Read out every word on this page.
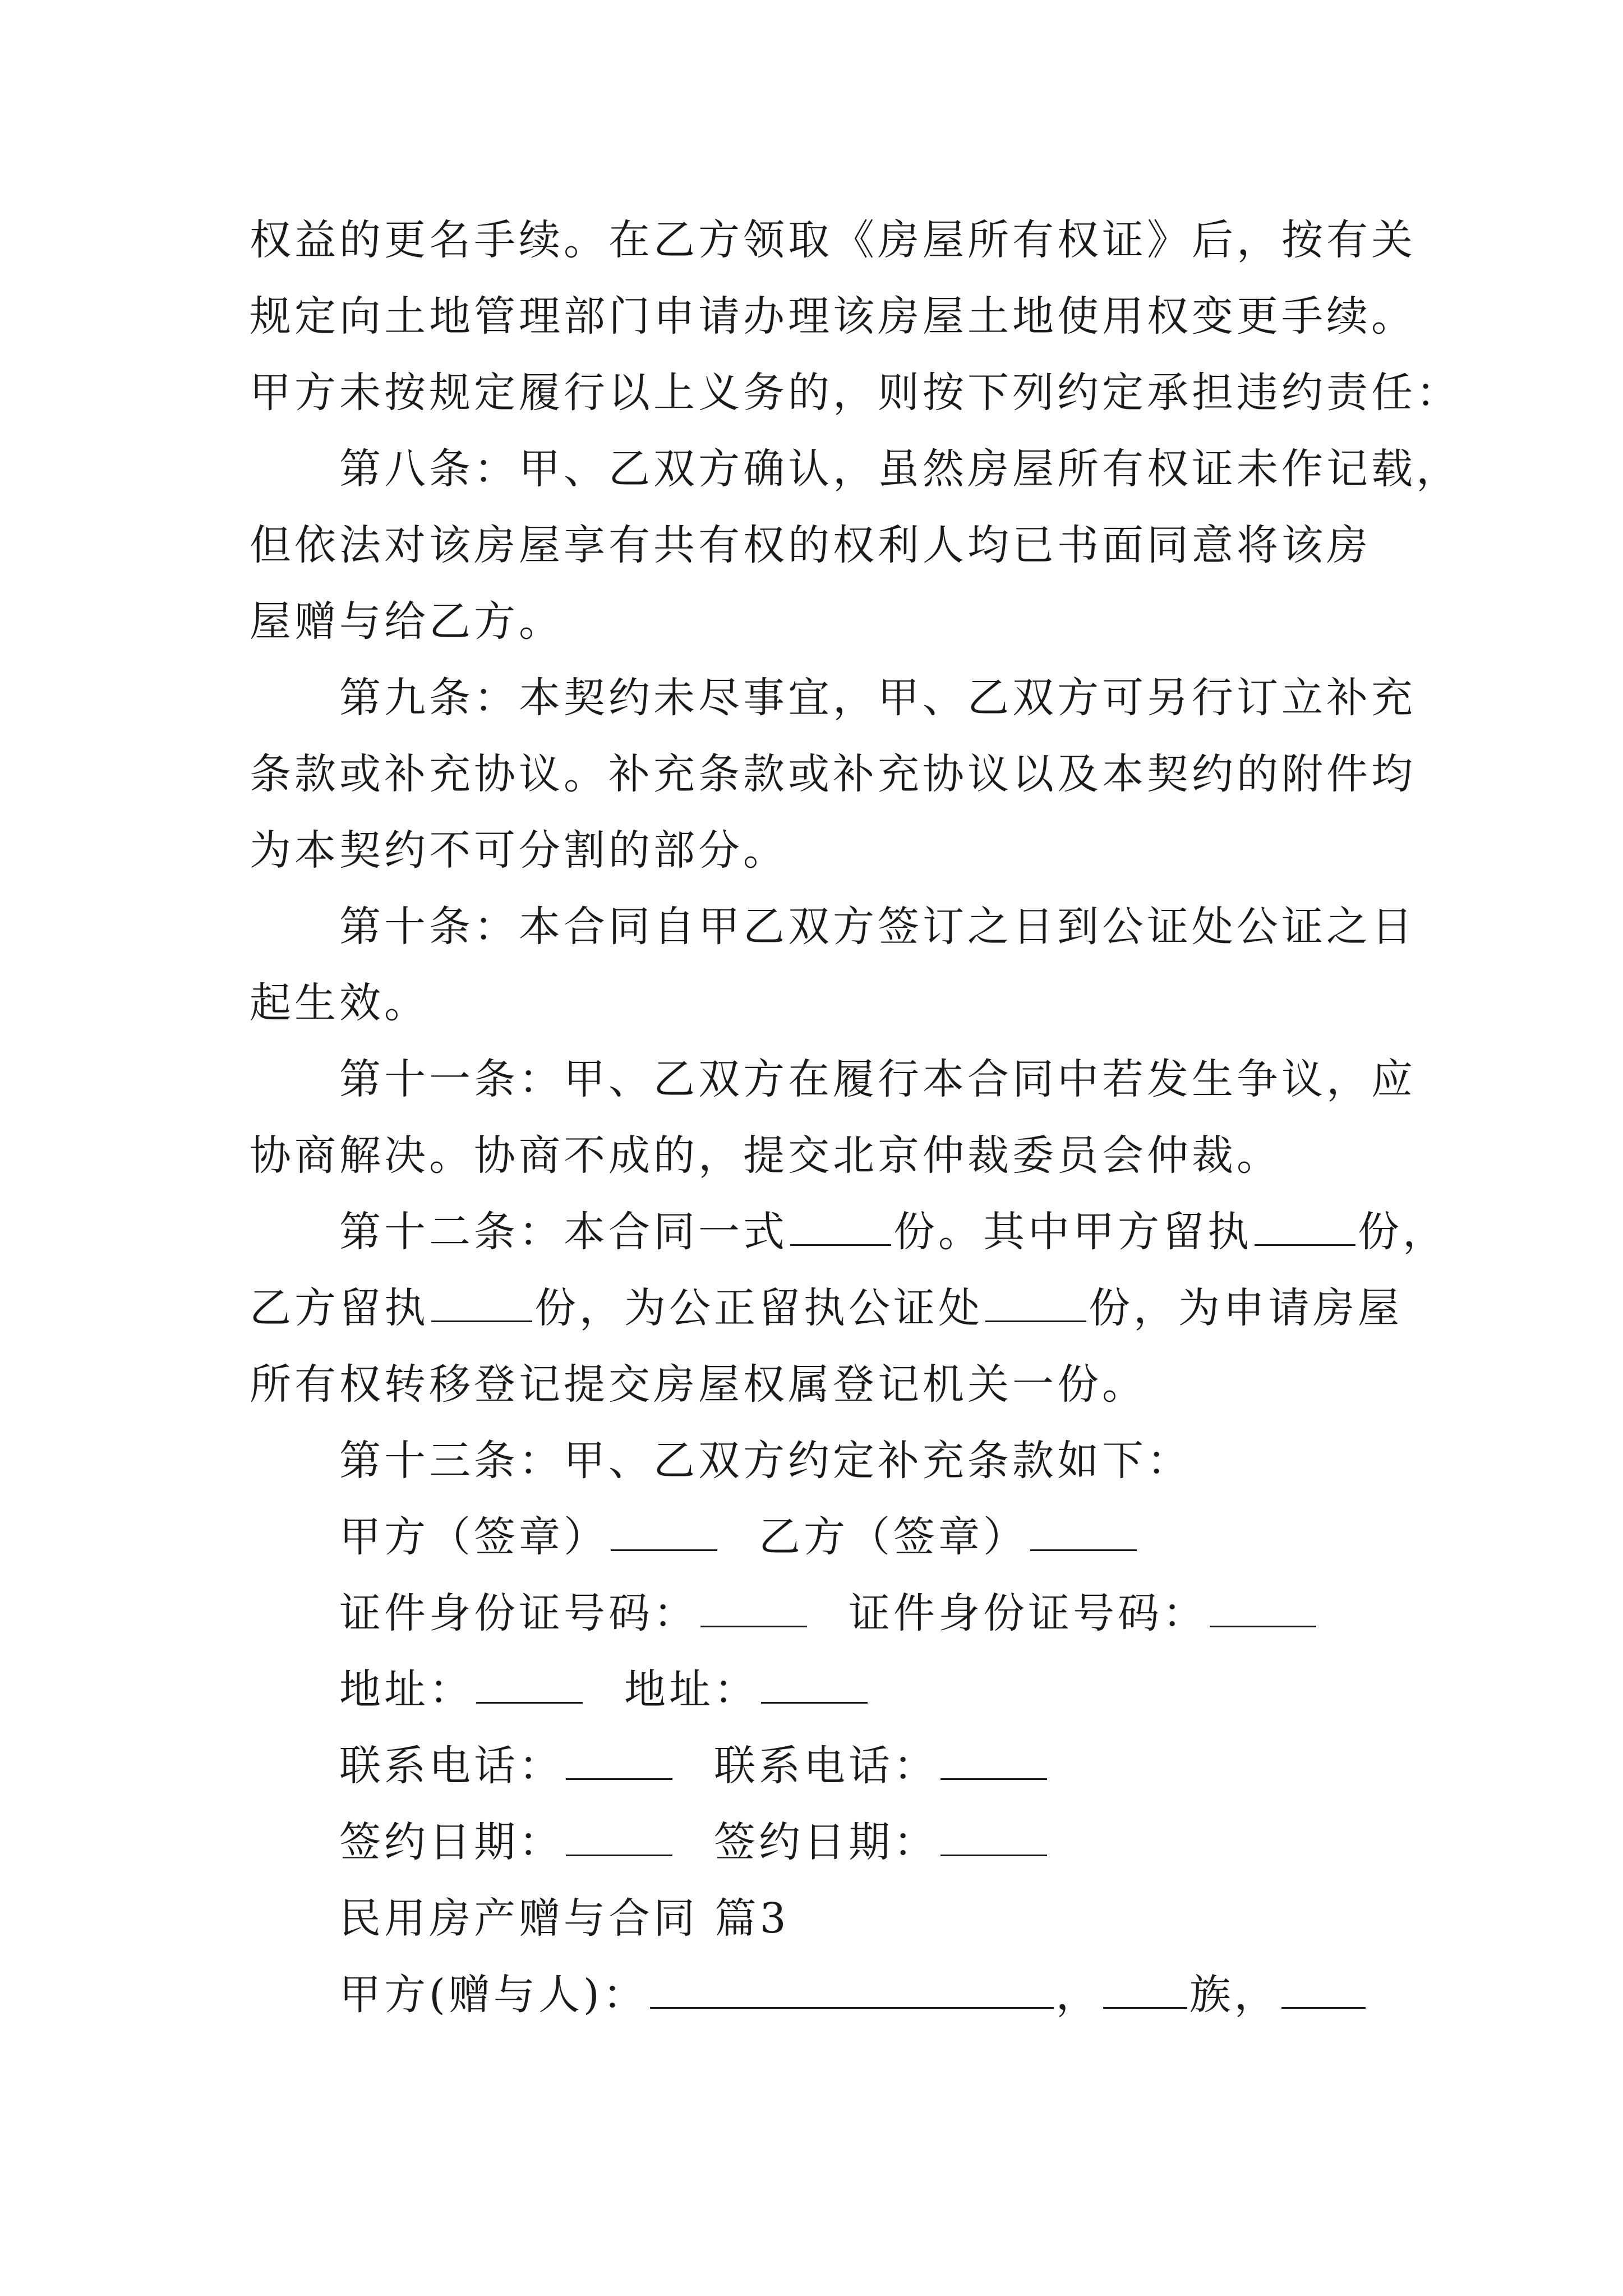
权益的更名手续。在乙方领取《房屋所有权证》后，按有关
规定向土地管理部门申请办理该房屋土地使用权变更手续。
甲方未按规定履行以上义务的，则按下列约定承担违约责任：
第八条：甲、乙双方确认，虽然房屋所有权证未作记载，
但依法对该房屋享有共有权的权利人均已书面同意将该房
屋赠与给乙方。
第九条：本契约未尽事宜，甲、乙双方可另行订立补充
条款或补充协议。补充条款或补充协议以及本契约的附件均
为本契约不可分割的部分。
第十条：本合同自甲乙双方签订之日到公证处公证之日
起生效。
第十一条：甲、乙双方在履行本合同中若发生争议，应
协商解决。协商不成的，提交北京仲裁委员会仲裁。
第十二条：本合同一式	份。其中甲方留执	份，
乙方留执	份，为公正留执公证处	份，为申请房屋
所有权转移登记提交房屋权属登记机关一份。
第十三条：甲、乙双方约定补充条款如下：
甲方（签章）	乙方（签章）
证件身份证号码：	证件身份证号码：
地址：	地址：
联系电话：	联系电话：
签约日期：	签约日期：
民用房产赠与合同 篇3
甲方(赠与人)：	， 族，
